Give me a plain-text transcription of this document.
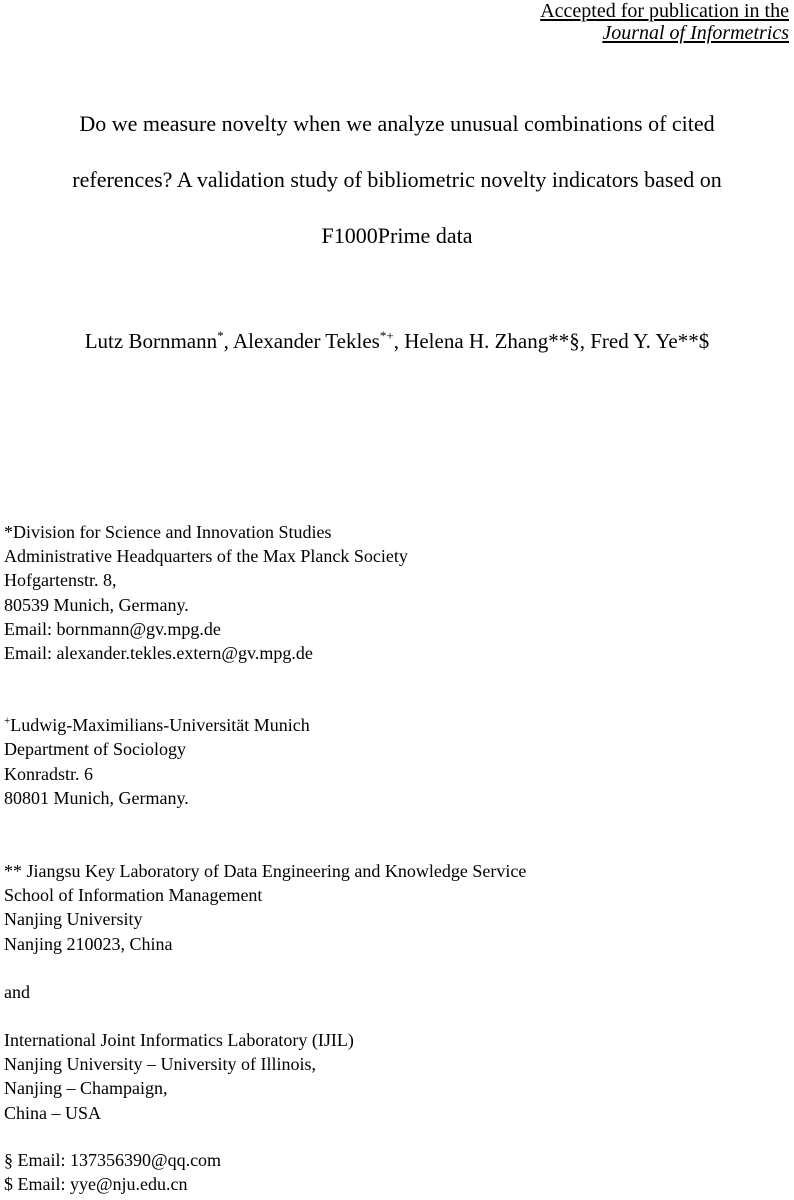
Accepted for publication in the
Journal of Informetrics
Do we measure novelty when we analyze unusual combinations of cited
references? A validation study of bibliometric novelty indicators based on
F1000Prime data
Lutz Bornmann*, Alexander Tekles*+, Helena H. Zhang**§, Fred Y. Ye**$
*Division for Science and Innovation Studies
Administrative Headquarters of the Max Planck Society
Hofgartenstr. 8,
80539 Munich, Germany.
Email: bornmann@gv.mpg.de
Email: alexander.tekles.extern@gv.mpg.de
+Ludwig-Maximilians-Universität Munich
Department of Sociology
Konradstr. 6
80801 Munich, Germany.
** Jiangsu Key Laboratory of Data Engineering and Knowledge Service
School of Information Management
Nanjing University
Nanjing 210023, China
and
International Joint Informatics Laboratory (IJIL)
Nanjing University – University of Illinois,
Nanjing – Champaign,
China – USA
§ Email: 137356390@qq.com
$ Email: yye@nju.edu.cn
